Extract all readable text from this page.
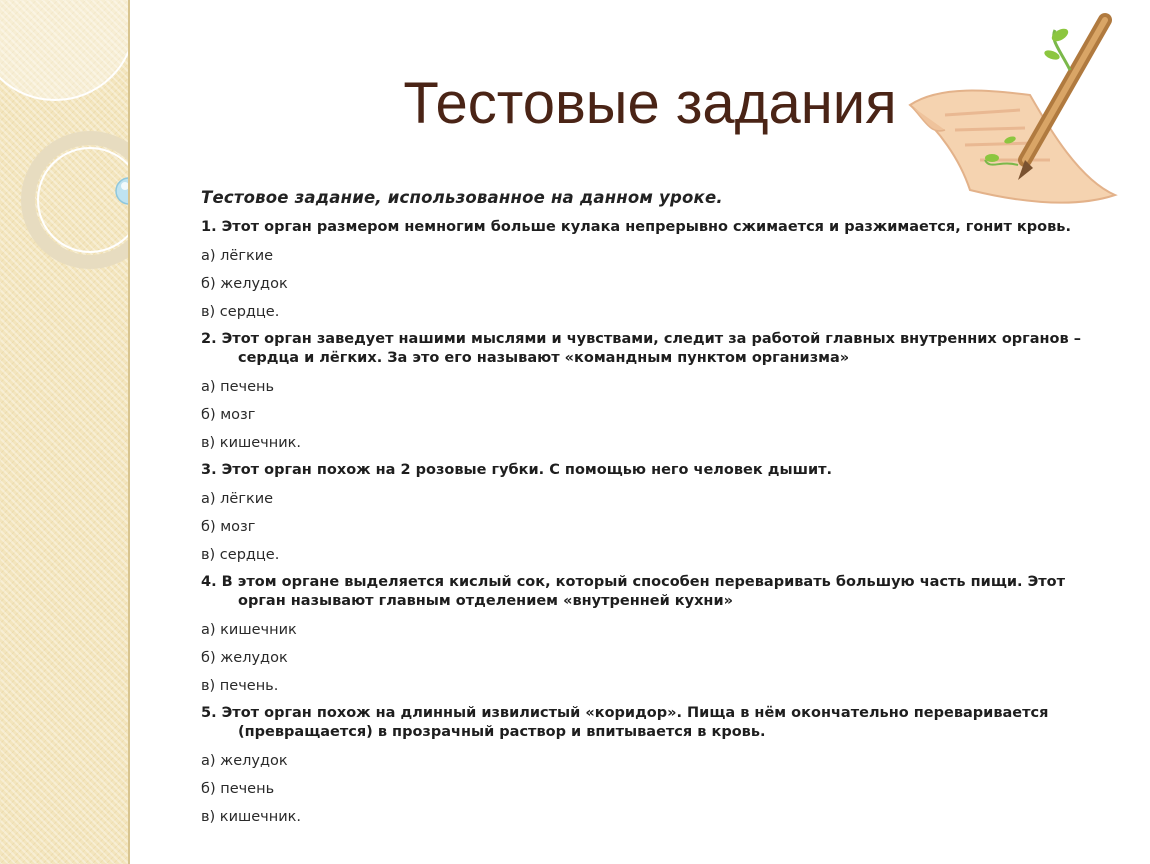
Тестовые задания
Тестовое задание, использованное на данном уроке.
1. Этот орган размером немногим больше кулака непрерывно сжимается и разжимается, гонит кровь.
а) лёгкие
б) желудок
в) сердце.
2. Этот орган заведует нашими мыслями и чувствами, следит за работой главных внутренних органов – сердца и лёгких. За это его называют «командным пунктом организма»
а) печень
б) мозг
в) кишечник.
3. Этот орган похож на 2 розовые губки. С помощью него человек дышит.
а) лёгкие
б) мозг
в) сердце.
4. В этом органе выделяется кислый сок, который способен переваривать большую часть пищи. Этот орган называют главным отделением «внутренней кухни»
а) кишечник
б) желудок
в) печень.
5. Этот орган похож на длинный извилистый «коридор». Пища в нём окончательно переваривается (превращается) в прозрачный раствор и впитывается в кровь.
а) желудок
б) печень
в) кишечник.
